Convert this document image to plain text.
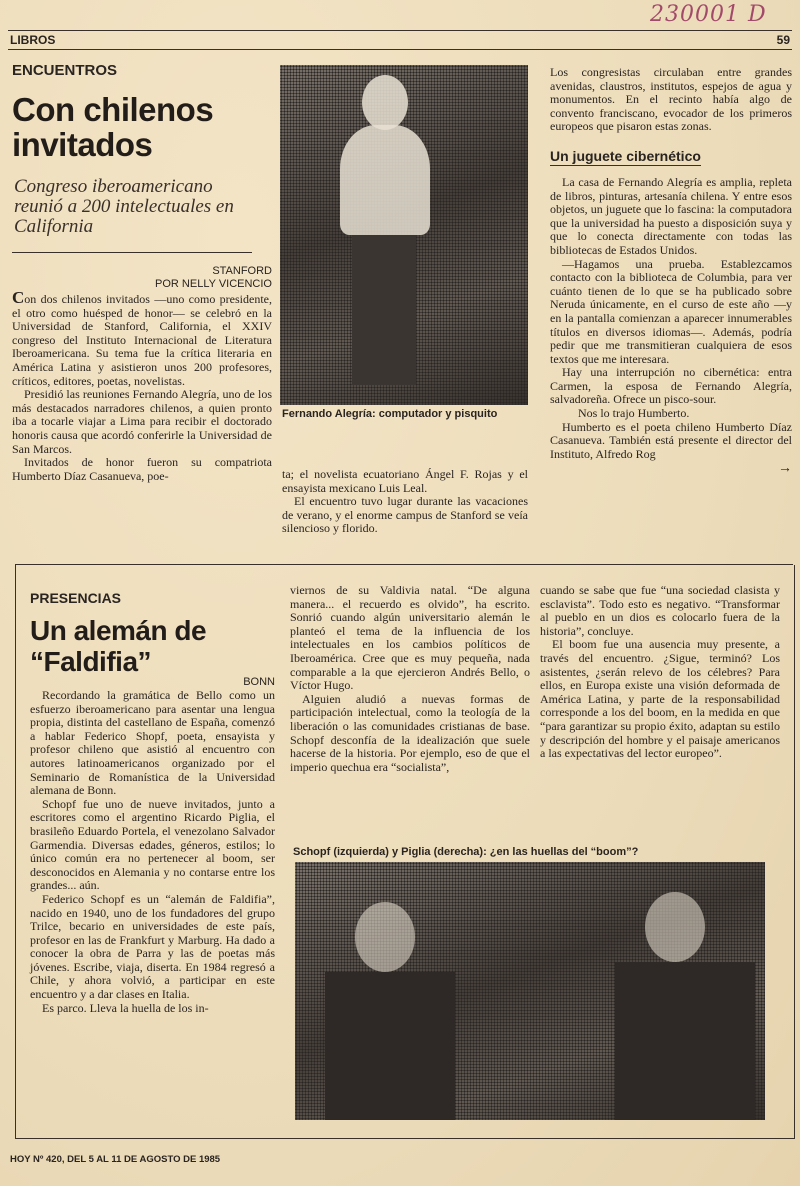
230001 D
LIBROS	59
ENCUENTROS
Con chilenos invitados
Congreso iberoamericano reunió a 200 intelectuales en California
STANFORD
POR NELLY VICENCIO

Con dos chilenos invitados —uno como presidente, el otro como huésped de honor— se celebró en la Universidad de Stanford, California, el XXIV congreso del Instituto Internacional de Literatura Iberoamericana. Su tema fue la crítica literaria en América Latina y asistieron unos 200 profesores, críticos, editores, poetas, novelistas.

Presidió las reuniones Fernando Alegría, uno de los más destacados narradores chilenos, a quien pronto iba a tocarle viajar a Lima para recibir el doctorado honoris causa que acordó conferirle la Universidad de San Marcos.

Invitados de honor fueron su compatriota Humberto Díaz Casanueva, poe-

Fernando Alegría: computador y pisquito

ta; el novelista ecuatoriano Ángel F. Rojas y el ensayista mexicano Luis Leal.

El encuentro tuvo lugar durante las vacaciones de verano, y el enorme campus de Stanford se veía silencioso y florido.

Los congresistas circulaban entre grandes avenidas, claustros, institutos, espejos de agua y monumentos. En el recinto había algo de convento franciscano, evocador de los primeros europeos que pisaron estas zonas.

Un juguete cibernético

La casa de Fernando Alegría es amplia, repleta de libros, pinturas, artesanía chilena. Y entre esos objetos, un juguete que lo fascina: la computadora que la universidad ha puesto a disposición suya y que lo conecta directamente con todas las bibliotecas de Estados Unidos.

—Hagamos una prueba. Establezcamos contacto con la biblioteca de Columbia, para ver cuánto tienen de lo que se ha publicado sobre Neruda únicamente, en el curso de este año —y en la pantalla comienzan a aparecer innumerables títulos en diversos idiomas—. Además, podría pedir que me transmitieran cualquiera de esos textos que me interesara.

Hay una interrupción no cibernética: entra Carmen, la esposa de Fernando Alegría, salvadoreña. Ofrece un pisco-sour.

Nos lo trajo Humberto.

Humberto es el poeta chileno Humberto Díaz Casanueva. También está presente el director del Instituto, Alfredo Rog

→
PRESENCIAS
Un alemán de “Faldifia”
BONN

Recordando la gramática de Bello como un esfuerzo iberoamericano para asentar una lengua propia, distinta del castellano de España, comenzó a hablar Federico Shopf, poeta, ensayista y profesor chileno que asistió al encuentro con autores latinoamericanos organizado por el Seminario de Romanística de la Universidad alemana de Bonn.

Schopf fue uno de nueve invitados, junto a escritores como el argentino Ricardo Piglia, el brasileño Eduardo Portela, el venezolano Salvador Garmendia. Diversas edades, géneros, estilos; lo único común era no pertenecer al boom, ser desconocidos en Alemania y no contarse entre los grandes... aún.

Federico Schopf es un “alemán de Faldifia”, nacido en 1940, uno de los fundadores del grupo Trilce, becario en universidades de este país, profesor en las de Frankfurt y Marburg. Ha dado a conocer la obra de Parra y las de poetas más jóvenes. Escribe, viaja, diserta. En 1984 regresó a Chile, y ahora volvió, a participar en este encuentro y a dar clases en Italia.

Es parco. Lleva la huella de los in-

viernos de su Valdivia natal. “De alguna manera... el recuerdo es olvido”, ha escrito. Sonrió cuando algún universitario alemán le planteó el tema de la influencia de los intelectuales en los cambios políticos de Iberoamérica. Cree que es muy pequeña, nada comparable a la que ejercieron Andrés Bello, o Víctor Hugo.

Alguien aludió a nuevas formas de participación intelectual, como la teología de la liberación o las comunidades cristianas de base. Schopf desconfía de la idealización que suele hacerse de la historia. Por ejemplo, eso de que el imperio quechua era “socialista”,

cuando se sabe que fue “una sociedad clasista y esclavista”. Todo esto es negativo. “Transformar al pueblo en un dios es colocarlo fuera de la historia”, concluye.

El boom fue una ausencia muy presente, a través del encuentro. ¿Sigue, terminó? Los asistentes, ¿serán relevo de los célebres? Para ellos, en Europa existe una visión deformada de América Latina, y parte de la responsabilidad corresponde a los del boom, en la medida en que “para garantizar su propio éxito, adaptan su estilo y descripción del hombre y el paisaje americanos a las expectativas del lector europeo”.

Schopf (izquierda) y Piglia (derecha): ¿en las huellas del “boom”?
HOY Nº 420, DEL 5 AL 11 DE AGOSTO DE 1985
